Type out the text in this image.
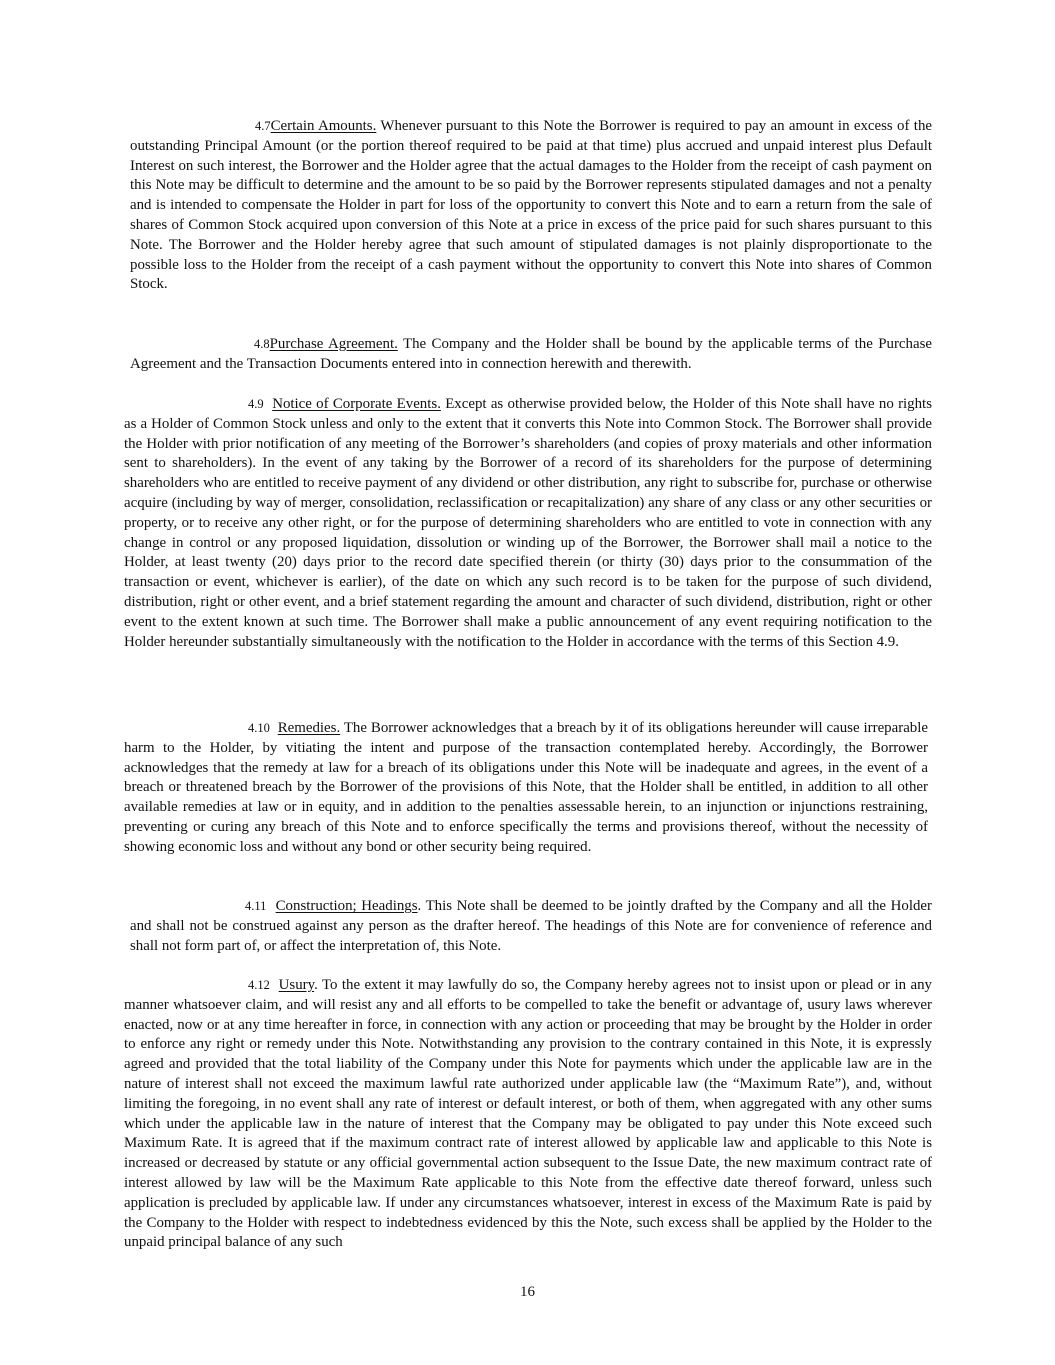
4.7Certain Amounts. Whenever pursuant to this Note the Borrower is required to pay an amount in excess of the outstanding Principal Amount (or the portion thereof required to be paid at that time) plus accrued and unpaid interest plus Default Interest on such interest, the Borrower and the Holder agree that the actual damages to the Holder from the receipt of cash payment on this Note may be difficult to determine and the amount to be so paid by the Borrower represents stipulated damages and not a penalty and is intended to compensate the Holder in part for loss of the opportunity to convert this Note and to earn a return from the sale of shares of Common Stock acquired upon conversion of this Note at a price in excess of the price paid for such shares pursuant to this Note. The Borrower and the Holder hereby agree that such amount of stipulated damages is not plainly disproportionate to the possible loss to the Holder from the receipt of a cash payment without the opportunity to convert this Note into shares of Common Stock.

4.8Purchase Agreement. The Company and the Holder shall be bound by the applicable terms of the Purchase Agreement and the Transaction Documents entered into in connection herewith and therewith.

4.9 Notice of Corporate Events. Except as otherwise provided below, the Holder of this Note shall have no rights as a Holder of Common Stock unless and only to the extent that it converts this Note into Common Stock. The Borrower shall provide the Holder with prior notification of any meeting of the Borrower’s shareholders (and copies of proxy materials and other information sent to shareholders). In the event of any taking by the Borrower of a record of its shareholders for the purpose of determining shareholders who are entitled to receive payment of any dividend or other distribution, any right to subscribe for, purchase or otherwise acquire (including by way of merger, consolidation, reclassification or recapitalization) any share of any class or any other securities or property, or to receive any other right, or for the purpose of determining shareholders who are entitled to vote in connection with any change in control or any proposed liquidation, dissolution or winding up of the Borrower, the Borrower shall mail a notice to the Holder, at least twenty (20) days prior to the record date specified therein (or thirty (30) days prior to the consummation of the transaction or event, whichever is earlier), of the date on which any such record is to be taken for the purpose of such dividend, distribution, right or other event, and a brief statement regarding the amount and character of such dividend, distribution, right or other event to the extent known at such time. The Borrower shall make a public announcement of any event requiring notification to the Holder hereunder substantially simultaneously with the notification to the Holder in accordance with the terms of this Section 4.9.

4.10 Remedies. The Borrower acknowledges that a breach by it of its obligations hereunder will cause irreparable harm to the Holder, by vitiating the intent and purpose of the transaction contemplated hereby. Accordingly, the Borrower acknowledges that the remedy at law for a breach of its obligations under this Note will be inadequate and agrees, in the event of a breach or threatened breach by the Borrower of the provisions of this Note, that the Holder shall be entitled, in addition to all other available remedies at law or in equity, and in addition to the penalties assessable herein, to an injunction or injunctions restraining, preventing or curing any breach of this Note and to enforce specifically the terms and provisions thereof, without the necessity of showing economic loss and without any bond or other security being required.

4.11 Construction; Headings. This Note shall be deemed to be jointly drafted by the Company and all the Holder and shall not be construed against any person as the drafter hereof. The headings of this Note are for convenience of reference and shall not form part of, or affect the interpretation of, this Note.

4.12 Usury. To the extent it may lawfully do so, the Company hereby agrees not to insist upon or plead or in any manner whatsoever claim, and will resist any and all efforts to be compelled to take the benefit or advantage of, usury laws wherever enacted, now or at any time hereafter in force, in connection with any action or proceeding that may be brought by the Holder in order to enforce any right or remedy under this Note. Notwithstanding any provision to the contrary contained in this Note, it is expressly agreed and provided that the total liability of the Company under this Note for payments which under the applicable law are in the nature of interest shall not exceed the maximum lawful rate authorized under applicable law (the “Maximum Rate”), and, without limiting the foregoing, in no event shall any rate of interest or default interest, or both of them, when aggregated with any other sums which under the applicable law in the nature of interest that the Company may be obligated to pay under this Note exceed such Maximum Rate. It is agreed that if the maximum contract rate of interest allowed by applicable law and applicable to this Note is increased or decreased by statute or any official governmental action subsequent to the Issue Date, the new maximum contract rate of interest allowed by law will be the Maximum Rate applicable to this Note from the effective date thereof forward, unless such application is precluded by applicable law. If under any circumstances whatsoever, interest in excess of the Maximum Rate is paid by the Company to the Holder with respect to indebtedness evidenced by this the Note, such excess shall be applied by the Holder to the unpaid principal balance of any such

16
